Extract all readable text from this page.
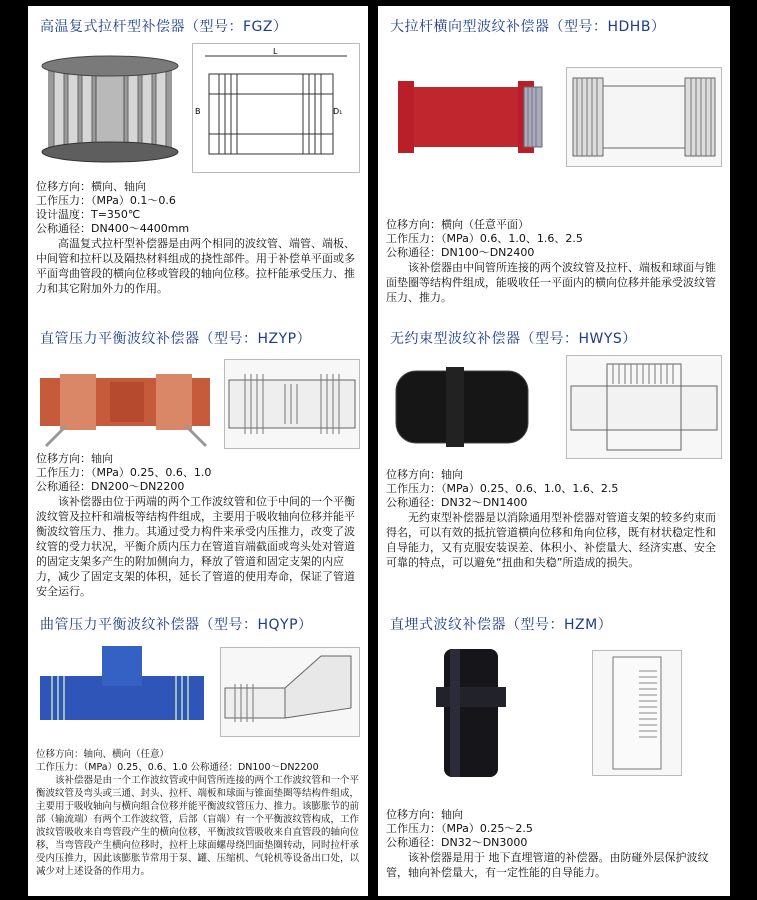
高温复式拉杆型补偿器（型号：FGZ）
L
B	D₁

位移方向：横向、轴向

工作压力：（MPa）0.1～0.6

设计温度：T=350℃

公称通径：DN400～4400mm

高温复式拉杆型补偿器是由两个相同的波纹管、端管、端板、中间管和拉杆以及隔热材料组成的挠性部件。用于补偿单平面或多平面弯曲管段的横向位移或管段的轴向位移。拉杆能承受压力、推力和其它附加外力的作用。

大拉杆横向型波纹补偿器（型号：HDHB）

位移方向：横向（任意平面）

工作压力：（MPa）0.6、1.0、1.6、2.5

公称通径：DN100～DN2400

该补偿器由中间管所连接的两个波纹管及拉杆、端板和球面与锥面垫圈等结构件组成，能吸收任一平面内的横向位移并能承受波纹管压力、推力。

直管压力平衡波纹补偿器（型号：HZYP）

位移方向：轴向

工作压力：（MPa）0.25、0.6、1.0

公称通径：DN200～DN2200

该补偿器由位于两端的两个工作波纹管和位于中间的一个平衡波纹管及拉杆和端板等结构件组成，主要用于吸收轴向位移并能平衡波纹管压力、推力。其通过受力构件来承受内压推力，改变了波纹管的受力状况，平衡介质内压力在管道盲端截面或弯头处对管道的固定支架多产生的附加侧向力，释放了管道和固定支架的内应力，减少了固定支架的体积，延长了管道的使用寿命，保证了管道安全运行。

无约束型波纹补偿器（型号：HWYS）

位移方向：轴向

工作压力：（MPa）0.25、0.6、1.0、1.6、2.5

公称通径：DN32～DN1400

无约束型补偿器是以消除通用型补偿器对管道支架的较多约束而得名，可以有效的抵抗管道横向位移和角向位移，既有材状稳定性和自导能力，又有克服安装误差、体积小、补偿量大、经济实惠、安全可靠的特点，可以避免“扭曲和失稳”所造成的损失。

曲管压力平衡波纹补偿器（型号：HQYP）

位移方向：轴向、横向（任意）

工作压力：（MPa）0.25、0.6、1.0 公称通径：DN100～DN2200

该补偿器是由一个工作波纹管或中间管所连接的两个工作波纹管和一个平衡波纹管及弯头或三通、封头、拉杆、端板和球面与锥面垫圈等结构件组成，主要用于吸收轴向与横向组合位移并能平衡波纹管压力、推力。该膨胀节的前部（输流端）有两个工作波纹管，后部（盲端）有一个平衡波纹管构成，工作波纹管吸收来自弯管段产生的横向位移，平衡波纹管吸收来自直管段的轴向位移，当弯管段产生横向位移时，拉杆上球面螺母绕凹面垫圈转动，同时拉杆承受内压推力，因此该膨胀节常用于泵、罐、压缩机、气轮机等设备出口处，以减少对上述设备的作用力。

直埋式波纹补偿器（型号：HZM）

位移方向：轴向

工作压力：（MPa）0.25～2.5

公称通径：DN32～DN3000

该补偿器是用于 地下直埋管道的补偿器。由防碰外层保护波纹管，轴向补偿量大，有一定性能的自导能力。
